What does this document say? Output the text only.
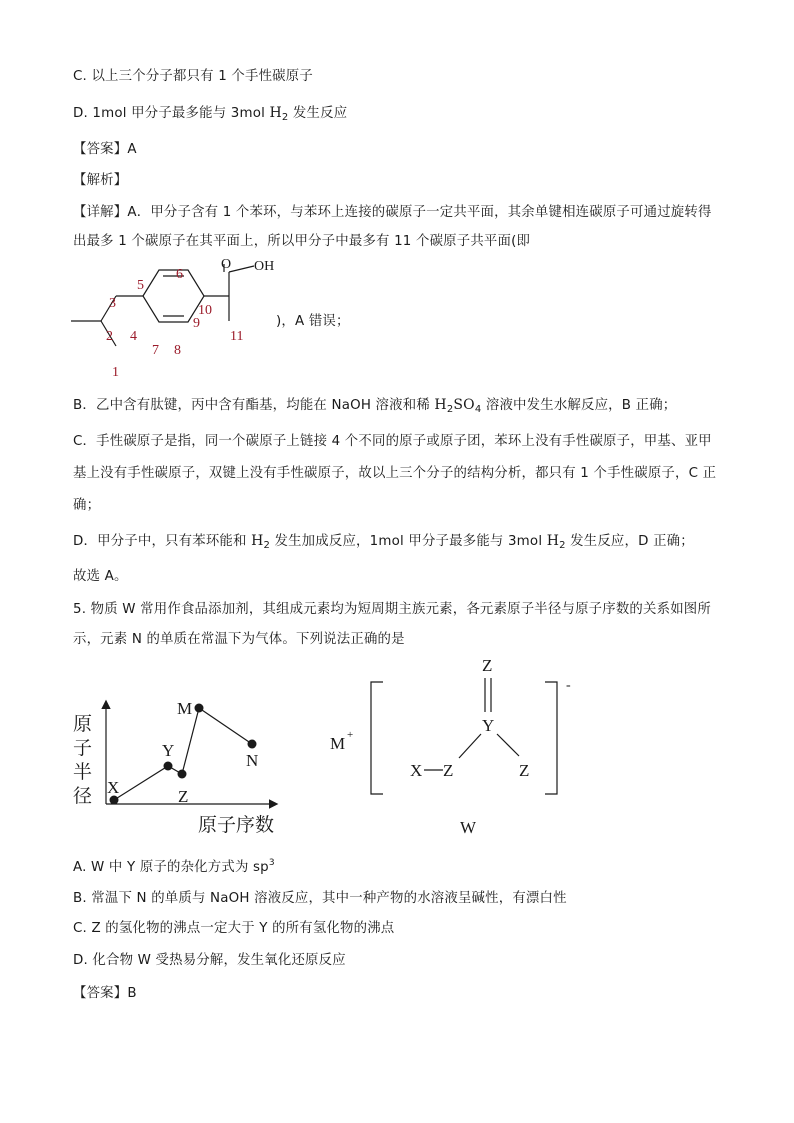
C. 以上三个分子都只有 1 个手性碳原子
D. 1mol 甲分子最多能与 3mol $H_2$ 发生反应
【答案】A
【解析】
【详解】A．甲分子含有 1 个苯环，与苯环上连接的碳原子一定共平面，其余单键相连碳原子可通过旋转得
出最多 1 个碳原子在其平面上，所以甲分子中最多有 11 个碳原子共平面(即
O OH
1
2
3
4
5
6
7 8
9
10
11
)，A 错误；
B．乙中含有肽键，丙中含有酯基，均能在 NaOH 溶液和稀 $H_2SO_4$ 溶液中发生水解反应，B 正确；
C．手性碳原子是指，同一个碳原子上链接 4 个不同的原子或原子团，苯环上没有手性碳原子，甲基、亚甲
基上没有手性碳原子，双键上没有手性碳原子，故以上三个分子的结构分析，都只有 1 个手性碳原子，C 正
确；
D．甲分子中，只有苯环能和 $H_2$ 发生加成反应，1mol 甲分子最多能与 3mol $H_2$ 发生反应，D 正确；
故选 A。
5. 物质 W 常用作食品添加剂，其组成元素均为短周期主族元素，各元素原子半径与原子序数的关系如图所
示，元素 N 的单质在常温下为气体。下列说法正确的是
X
Y
Z
M
N
原
子
半
径
原子序数
M +
Z
Y
X Z	Z
-
W
A. W 中 Y 原子的杂化方式为 $sp^3$
B. 常温下 N 的单质与 NaOH 溶液反应，其中一种产物的水溶液呈碱性，有漂白性
C. Z 的氢化物的沸点一定大于 Y 的所有氢化物的沸点
D. 化合物 W 受热易分解，发生氧化还原反应
【答案】B
